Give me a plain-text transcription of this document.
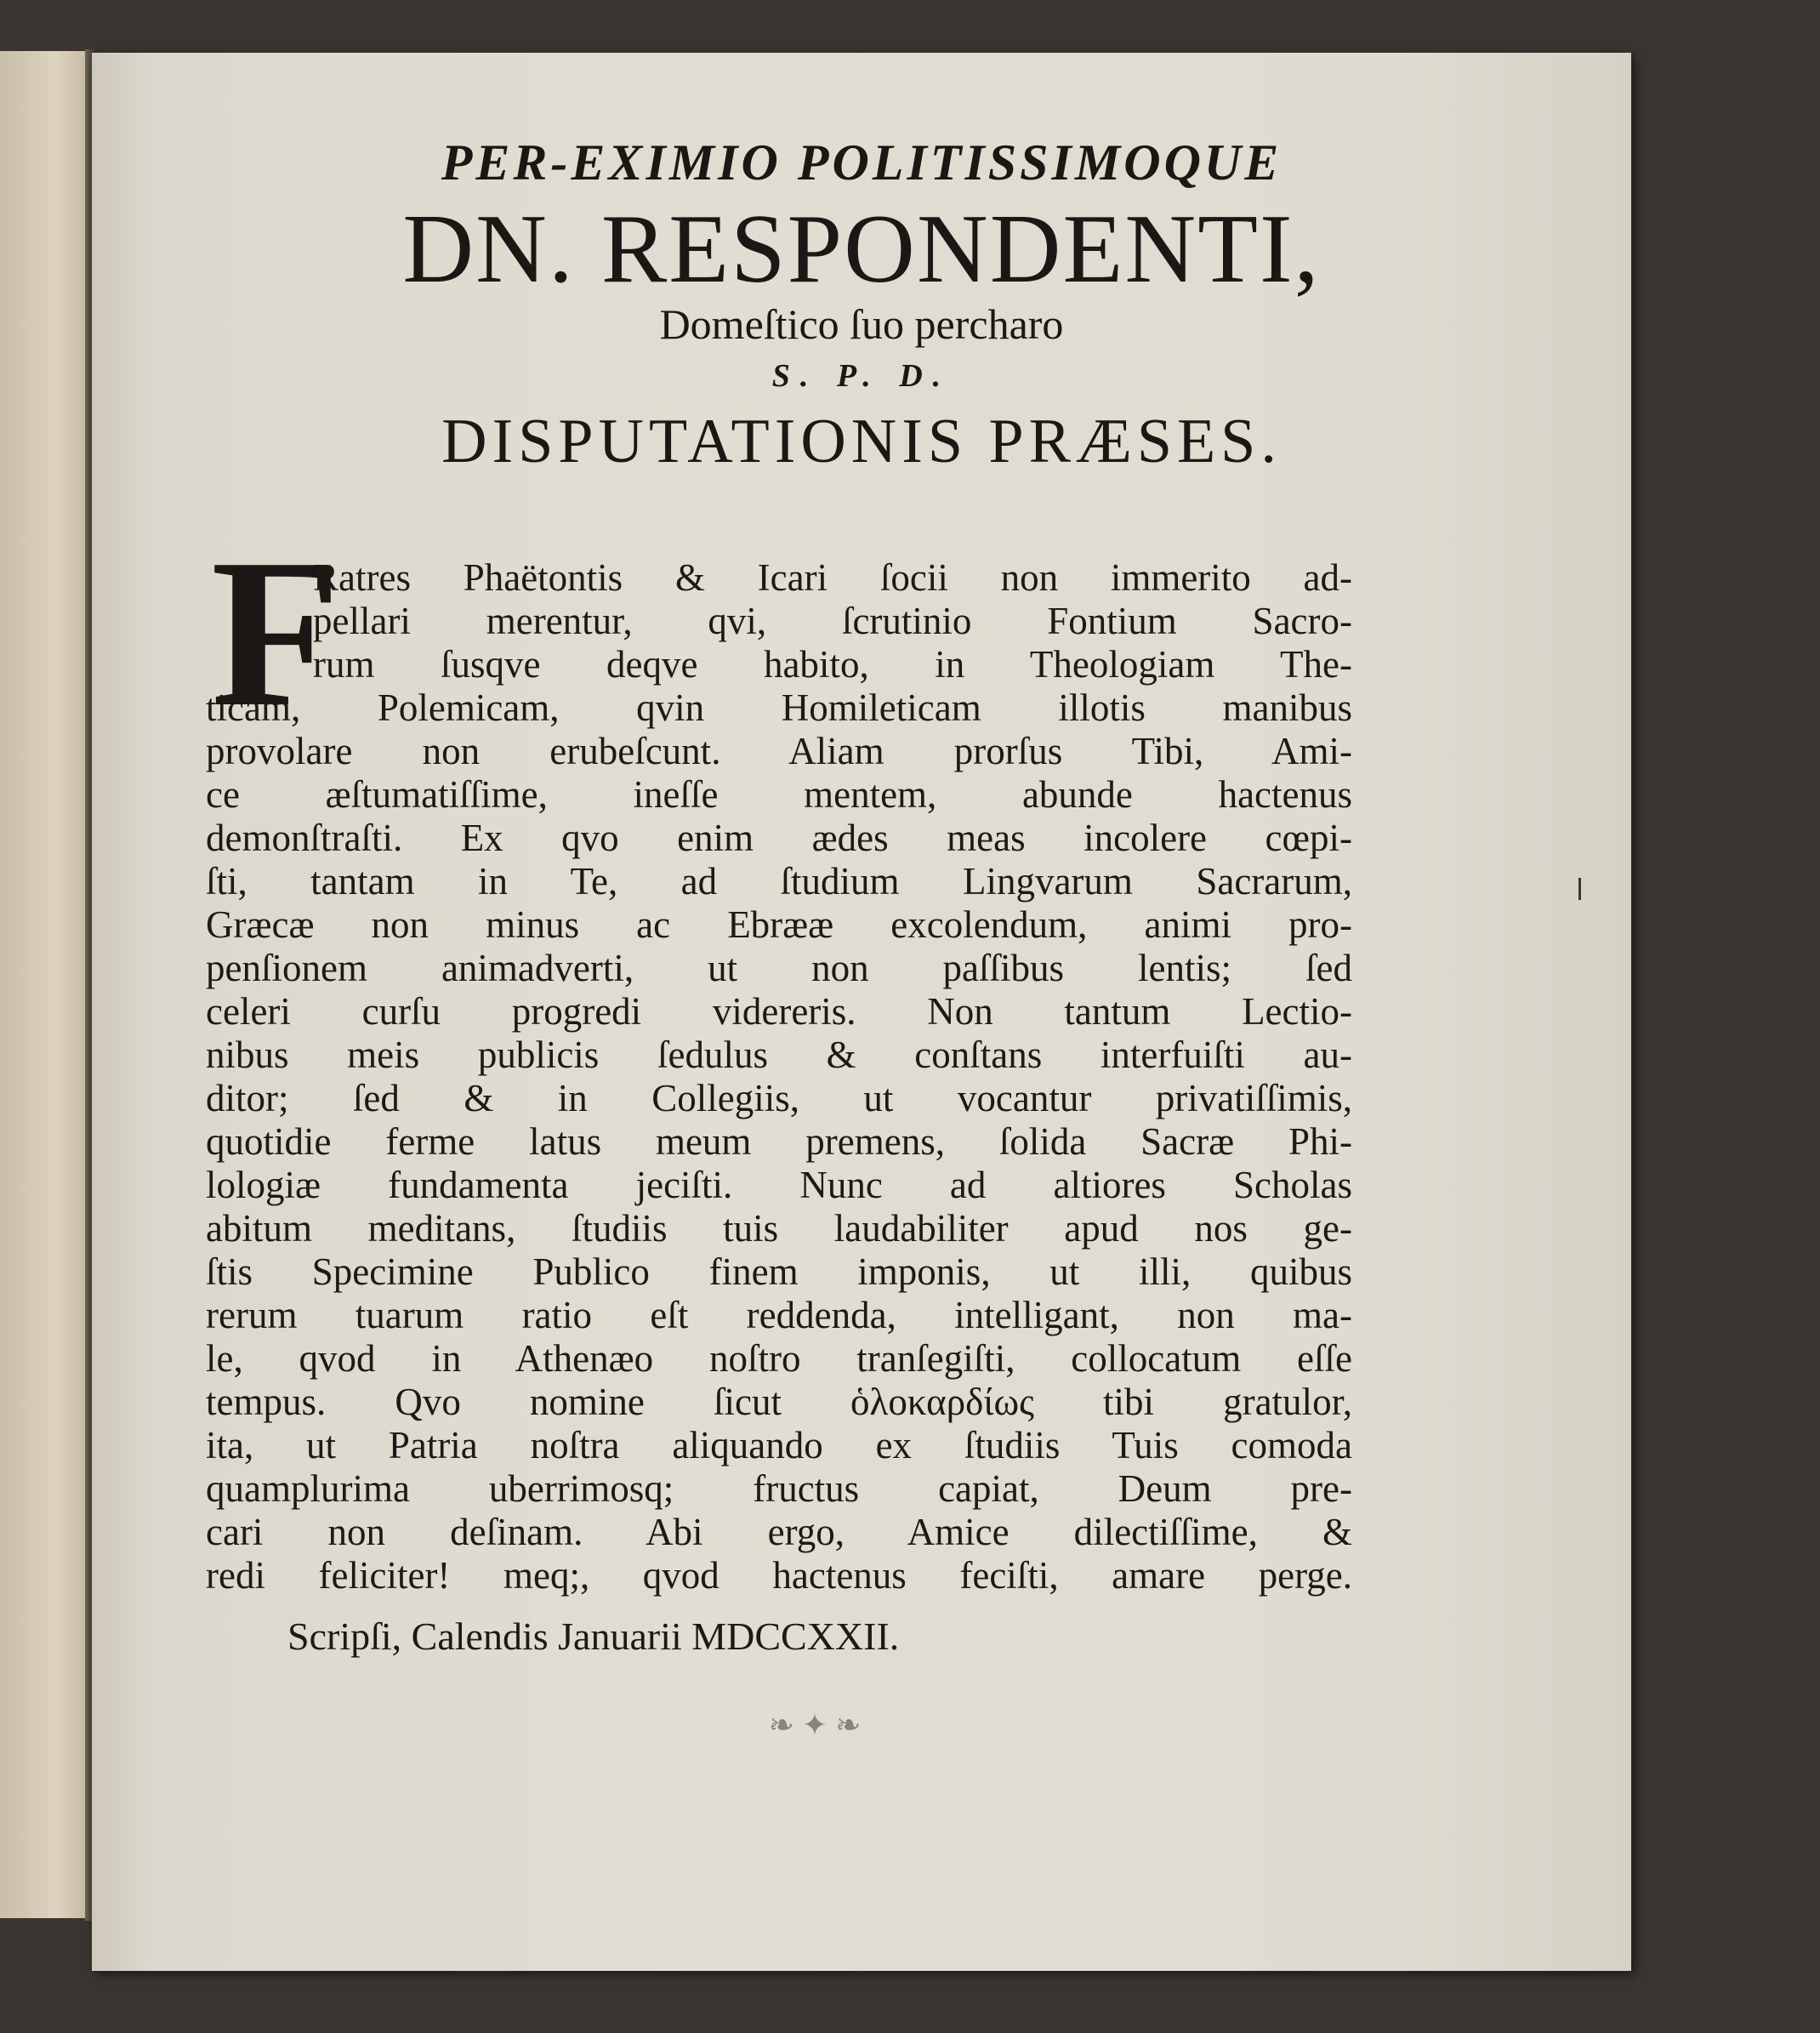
PER-EXIMIO POLITISSIMOQUE
DN. RESPONDENTI,
Domeſtico ſuo percharo
S. P. D.
DISPUTATIONIS PRÆSES.
F
Ratres Phaëtontis & Icari ſocii non immerito ad-
pellari merentur, qvi, ſcrutinio Fontium Sacro-
rum ſusqve deqve habito, in Theologiam The-
ticam, Polemicam, qvin Homileticam illotis manibus
provolare non erubeſcunt. Aliam prorſus Tibi, Ami-
ce æſtumatiſſime, ineſſe mentem, abunde hactenus
demonſtraſti. Ex qvo enim ædes meas incolere cœpi-
ſti, tantam in Te, ad ſtudium Lingvarum Sacrarum,
Græcæ non minus ac Ebrææ excolendum, animi pro-
penſionem animadverti, ut non paſſibus lentis; ſed
celeri curſu progredi videreris. Non tantum Lectio-
nibus meis publicis ſedulus & conſtans interfuiſti au-
ditor; ſed & in Collegiis, ut vocantur privatiſſimis,
quotidie ferme latus meum premens, ſolida Sacræ Phi-
lologiæ fundamenta jeciſti. Nunc ad altiores Scholas
abitum meditans, ſtudiis tuis laudabiliter apud nos ge-
ſtis Specimine Publico finem imponis, ut illi, quibus
rerum tuarum ratio eſt reddenda, intelligant, non ma-
le, qvod in Athenæo noſtro tranſegiſti, collocatum eſſe
tempus. Qvo nomine ſicut ὁλοκαρδίως tibi gratulor,
ita, ut Patria noſtra aliquando ex ſtudiis Tuis comoda
quamplurima uberrimosq; fructus capiat, Deum pre-
cari non deſinam. Abi ergo, Amice dilectiſſime, &
redi feliciter! meq;, qvod hactenus feciſti, amare perge.
Scripſi, Calendis Januarii MDCCXXII.
❧ ✦ ❧
